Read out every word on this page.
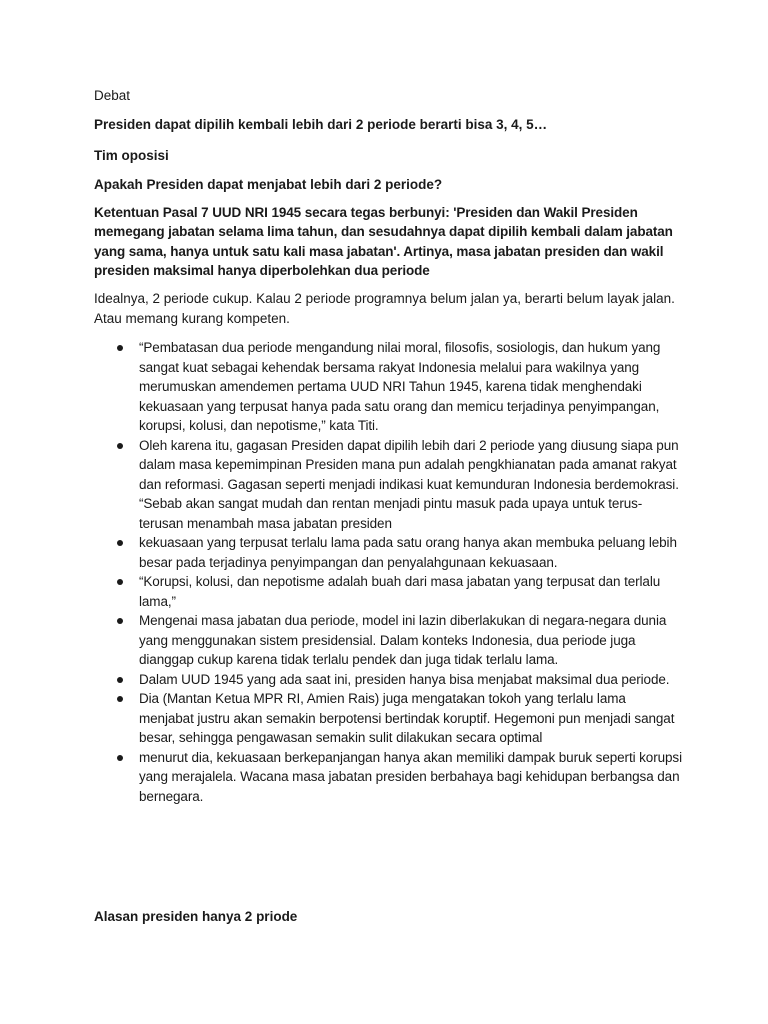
Debat

Presiden dapat dipilih kembali lebih dari 2 periode berarti bisa 3, 4, 5…

Tim oposisi

Apakah Presiden dapat menjabat lebih dari 2 periode?

Ketentuan Pasal 7 UUD NRI 1945 secara tegas berbunyi: 'Presiden dan Wakil Presiden memegang jabatan selama lima tahun, dan sesudahnya dapat dipilih kembali dalam jabatan yang sama, hanya untuk satu kali masa jabatan'. Artinya, masa jabatan presiden dan wakil presiden maksimal hanya diperbolehkan dua periode

Idealnya, 2 periode cukup. Kalau 2 periode programnya belum jalan ya, berarti belum layak jalan. Atau memang kurang kompeten.

“Pembatasan dua periode mengandung nilai moral, filosofis, sosiologis, dan hukum yang sangat kuat sebagai kehendak bersama rakyat Indonesia melalui para wakilnya yang merumuskan amendemen pertama UUD NRI Tahun 1945, karena tidak menghendaki kekuasaan yang terpusat hanya pada satu orang dan memicu terjadinya penyimpangan, korupsi, kolusi, dan nepotisme,” kata Titi.
Oleh karena itu, gagasan Presiden dapat dipilih lebih dari 2 periode yang diusung siapa pun dalam masa kepemimpinan Presiden mana pun adalah pengkhianatan pada amanat rakyat dan reformasi. Gagasan seperti menjadi indikasi kuat kemunduran Indonesia berdemokrasi. “Sebab akan sangat mudah dan rentan menjadi pintu masuk pada upaya untuk terus-terusan menambah masa jabatan presiden
kekuasaan yang terpusat terlalu lama pada satu orang hanya akan membuka peluang lebih besar pada terjadinya penyimpangan dan penyalahgunaan kekuasaan.
“Korupsi, kolusi, dan nepotisme adalah buah dari masa jabatan yang terpusat dan terlalu lama,”
Mengenai masa jabatan dua periode, model ini lazin diberlakukan di negara-negara dunia yang menggunakan sistem presidensial. Dalam konteks Indonesia, dua periode juga dianggap cukup karena tidak terlalu pendek dan juga tidak terlalu lama.
Dalam UUD 1945 yang ada saat ini, presiden hanya bisa menjabat maksimal dua periode.
Dia (Mantan Ketua MPR RI, Amien Rais) juga mengatakan tokoh yang terlalu lama menjabat justru akan semakin berpotensi bertindak koruptif. Hegemoni pun menjadi sangat besar, sehingga pengawasan semakin sulit dilakukan secara optimal
menurut dia, kekuasaan berkepanjangan hanya akan memiliki dampak buruk seperti korupsi yang merajalela. Wacana masa jabatan presiden berbahaya bagi kehidupan berbangsa dan bernegara.

Alasan presiden hanya 2 priode
